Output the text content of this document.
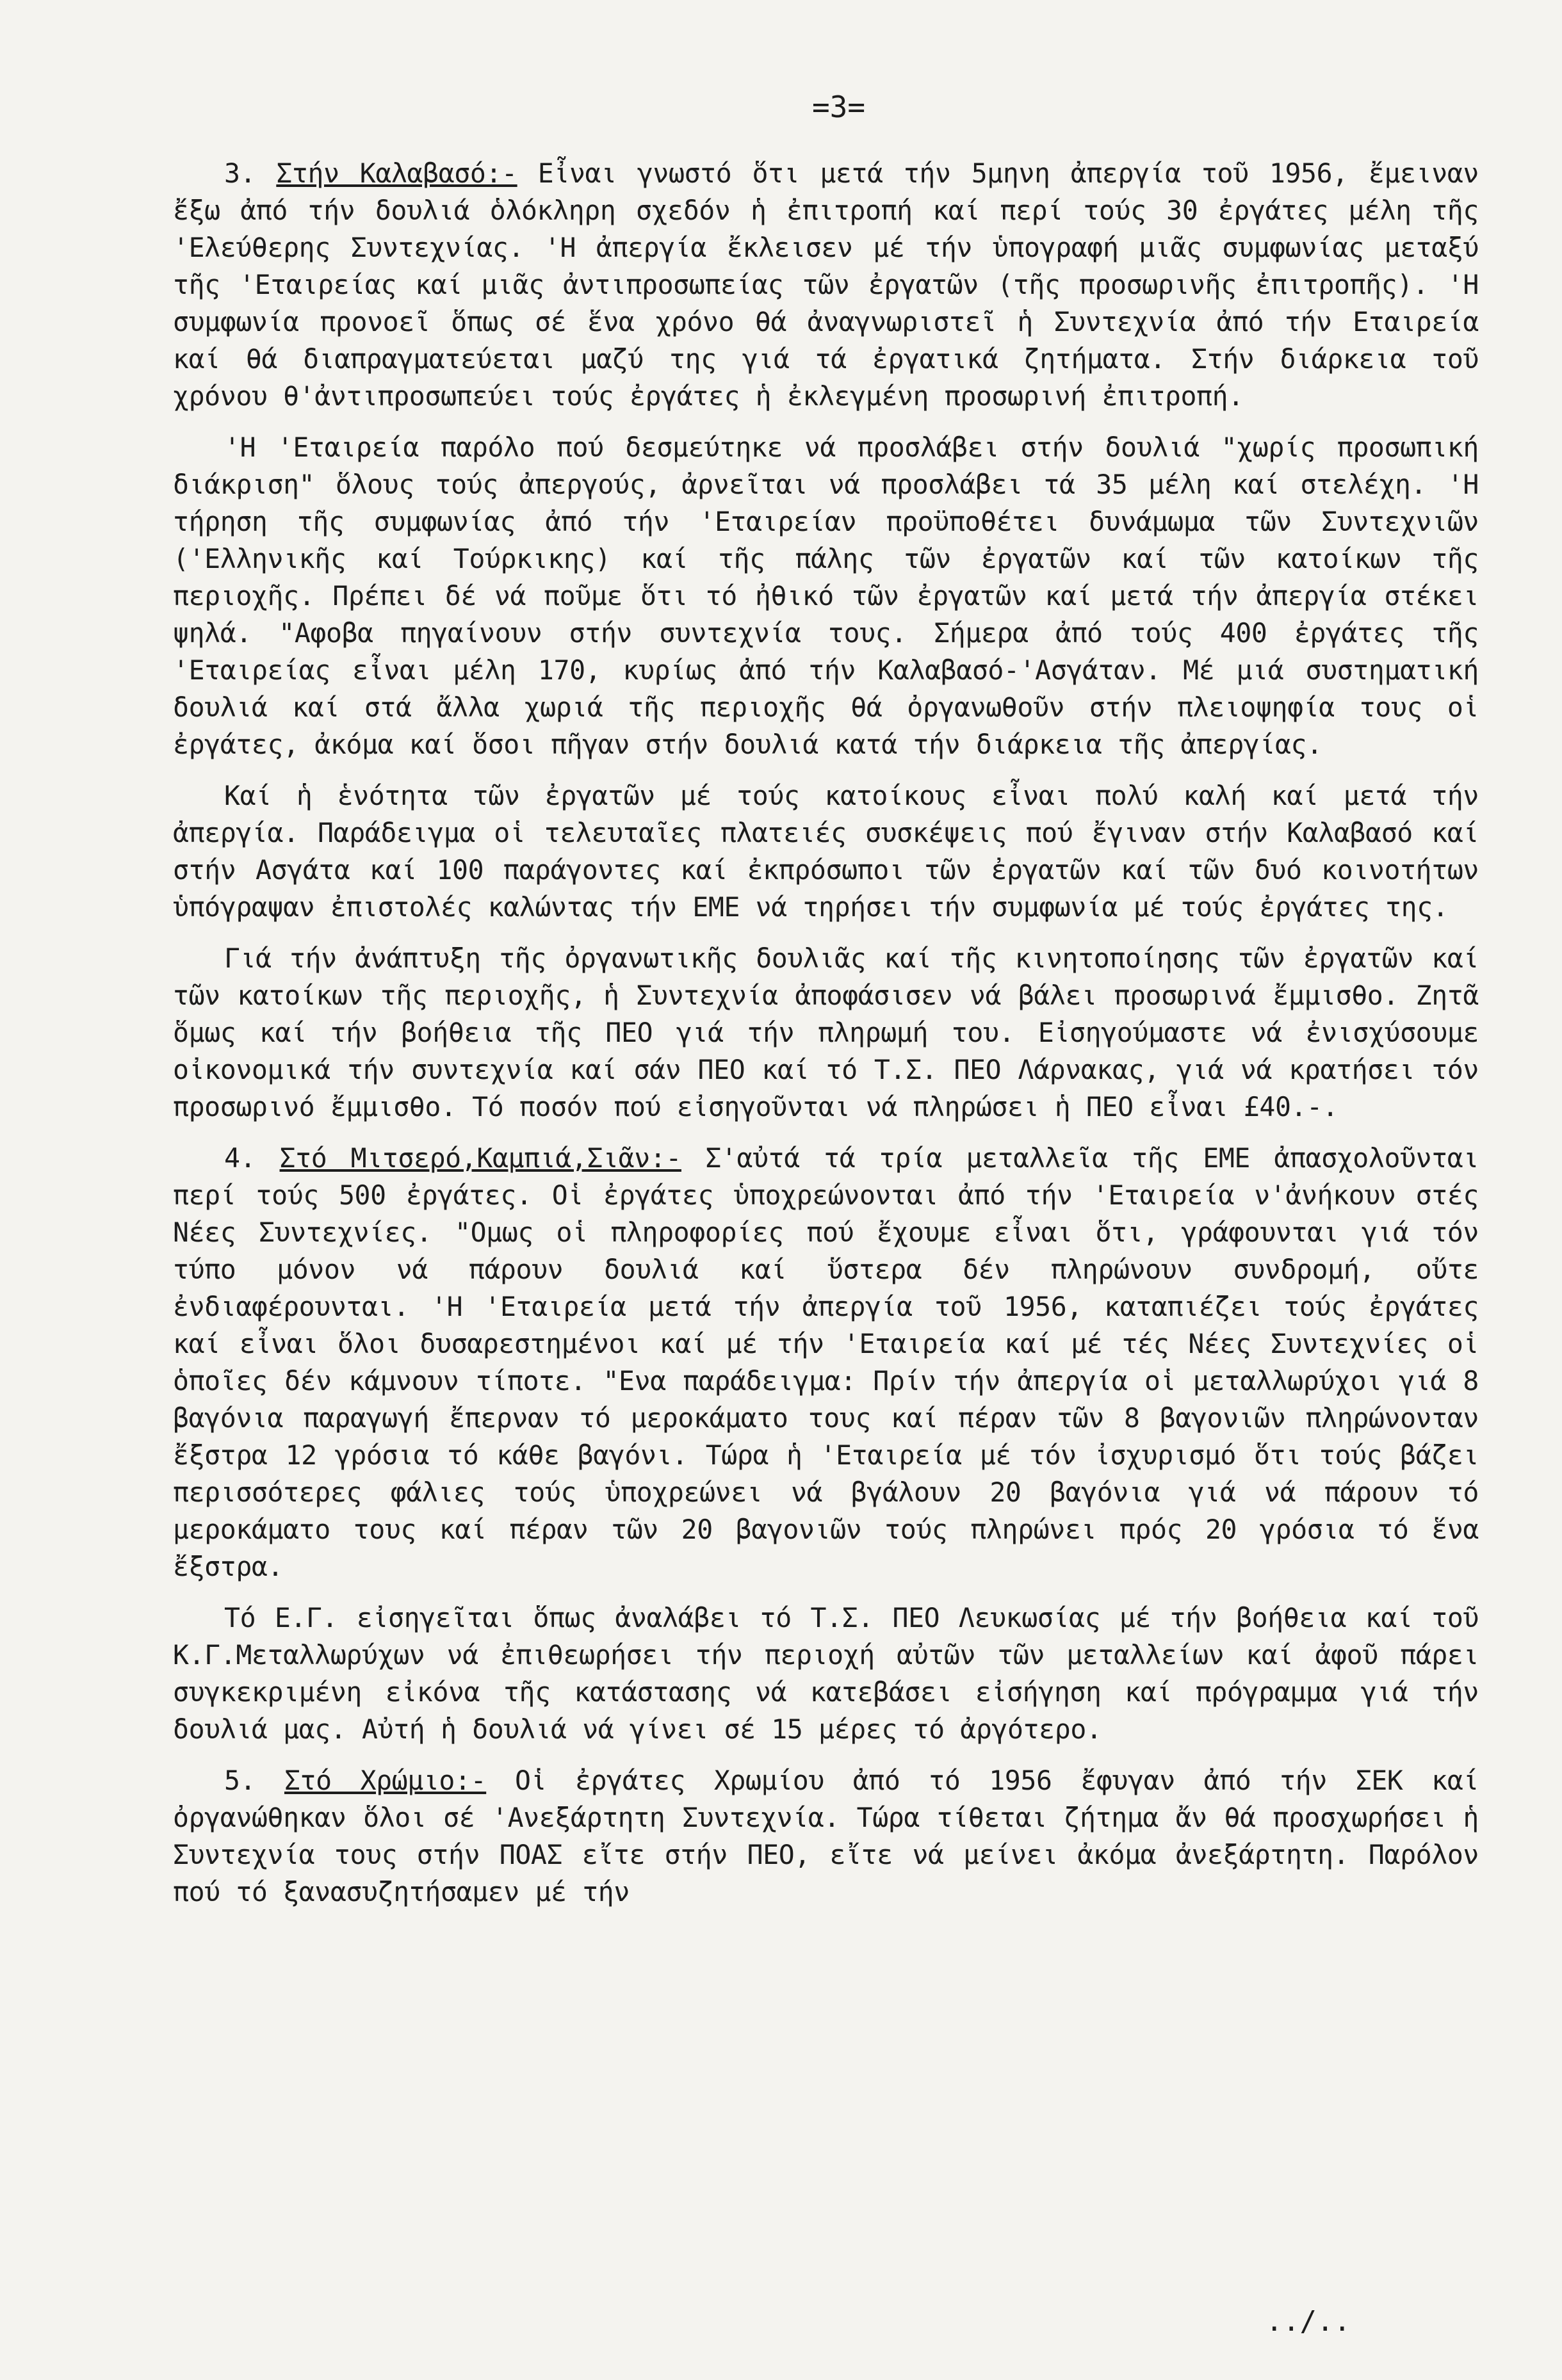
=3=

3. Στήν Καλαβασό:- Εἶναι γνωστό ὅτι μετά τήν 5μηνη ἀπεργία τοῦ 1956, ἔμειναν ἔξω ἀπό τήν δουλιά ὁλόκληρη σχεδόν ἡ ἐπιτροπή καί περί τούς 30 ἐργάτες μέλη τῆς 'Ελεύθερης Συντεχνίας. 'Η ἀπεργία ἔκλεισεν μέ τήν ὑπογραφή μιᾶς συμφωνίας μεταξύ τῆς 'Εταιρείας καί μιᾶς ἀντιπροσωπείας τῶν ἐργατῶν (τῆς προσωρινῆς ἐπιτροπῆς). 'Η συμφωνία προνοεῖ ὅπως σέ ἕνα χρόνο θά ἀναγνωριστεῖ ἡ Συντεχνία ἀπό τήν Εταιρεία καί θά διαπραγματεύεται μαζύ της γιά τά ἐργατικά ζητήματα. Στήν διάρκεια τοῦ χρόνου θ'ἀντιπροσωπεύει τούς ἐργάτες ἡ ἐκλεγμένη προσωρινή ἐπιτροπή.

'Η 'Εταιρεία παρόλο πού δεσμεύτηκε νά προσλάβει στήν δουλιά "χωρίς προσωπική διάκριση" ὅλους τούς ἀπεργούς, ἀρνεῖται νά προσλάβει τά 35 μέλη καί στελέχη. 'Η τήρηση τῆς συμφωνίας ἀπό τήν 'Εταιρείαν προϋποθέτει δυνάμωμα τῶν Συντεχνιῶν ('Ελληνικῆς καί Τούρκικης) καί τῆς πάλης τῶν ἐργατῶν καί τῶν κατοίκων τῆς περιοχῆς. Πρέπει δέ νά ποῦμε ὅτι τό ἠθικό τῶν ἐργατῶν καί μετά τήν ἀπεργία στέκει ψηλά. "Αφοβα πηγαίνουν στήν συντεχνία τους. Σήμερα ἀπό τούς 400 ἐργάτες τῆς 'Εταιρείας εἶναι μέλη 170, κυρίως ἀπό τήν Καλαβασό-'Ασγάταν. Μέ μιά συστηματική δουλιά καί στά ἄλλα χωριά τῆς περιοχῆς θά ὀργανωθοῦν στήν πλειοψηφία τους οἱ ἐργάτες, ἀκόμα καί ὅσοι πῆγαν στήν δουλιά κατά τήν διάρκεια τῆς ἀπεργίας.

Καί ἡ ἑνότητα τῶν ἐργατῶν μέ τούς κατοίκους εἶναι πολύ καλή καί μετά τήν ἀπεργία. Παράδειγμα οἱ τελευταῖες πλατειές συσκέψεις πού ἔγιναν στήν Καλαβασό καί στήν Ασγάτα καί 100 παράγοντες καί ἐκπρόσωποι τῶν ἐργατῶν καί τῶν δυό κοινοτήτων ὑπόγραψαν ἐπιστολές καλώντας τήν ΕΜΕ νά τηρήσει τήν συμφωνία μέ τούς ἐργάτες της.

Γιά τήν ἀνάπτυξη τῆς ὀργανωτικῆς δουλιᾶς καί τῆς κινητοποίησης τῶν ἐργατῶν καί τῶν κατοίκων τῆς περιοχῆς, ἡ Συντεχνία ἀποφάσισεν νά βάλει προσωρινά ἔμμισθο. Ζητᾶ ὅμως καί τήν βοήθεια τῆς ΠΕΟ γιά τήν πληρωμή του. Εἰσηγούμαστε νά ἐνισχύσουμε οἰκονομικά τήν συντεχνία καί σάν ΠΕΟ καί τό Τ.Σ. ΠΕΟ Λάρνακας, γιά νά κρατήσει τόν προσωρινό ἔμμισθο. Τό ποσόν πού εἰσηγοῦνται νά πληρώσει ἡ ΠΕΟ εἶναι £40.-.

4. Στό Μιτσερό,Καμπιά,Σιᾶν:- Σ'αὐτά τά τρία μεταλλεῖα τῆς ΕΜΕ ἀπασχολοῦνται περί τούς 500 ἐργάτες. Οἱ ἐργάτες ὑποχρεώνονται ἀπό τήν 'Εταιρεία ν'ἀνήκουν στές Νέες Συντεχνίες. "Ομως οἱ πληροφορίες πού ἔχουμε εἶναι ὅτι, γράφουνται γιά τόν τύπο μόνον νά πάρουν δουλιά καί ὕστερα δέν πληρώνουν συνδρομή, οὔτε ἐνδιαφέρουνται. 'Η 'Εταιρεία μετά τήν ἀπεργία τοῦ 1956, καταπιέζει τούς ἐργάτες καί εἶναι ὅλοι δυσαρεστημένοι καί μέ τήν 'Εταιρεία καί μέ τές Νέες Συντεχνίες οἱ ὁποῖες δέν κάμνουν τίποτε. "Ενα παράδειγμα: Πρίν τήν ἀπεργία οἱ μεταλλωρύχοι γιά 8 βαγόνια παραγωγή ἔπερναν τό μεροκάματο τους καί πέραν τῶν 8 βαγονιῶν πληρώνονταν ἔξστρα 12 γρόσια τό κάθε βαγόνι. Τώρα ἡ 'Εταιρεία μέ τόν ἰσχυρισμό ὅτι τούς βάζει περισσότερες φάλιες τούς ὑποχρεώνει νά βγάλουν 20 βαγόνια γιά νά πάρουν τό μεροκάματο τους καί πέραν τῶν 20 βαγονιῶν τούς πληρώνει πρός 20 γρόσια τό ἕνα ἔξστρα.

Τό Ε.Γ. εἰσηγεῖται ὅπως ἀναλάβει τό Τ.Σ. ΠΕΟ Λευκωσίας μέ τήν βοήθεια καί τοῦ Κ.Γ.Μεταλλωρύχων νά ἐπιθεωρήσει τήν περιοχή αὐτῶν τῶν μεταλλείων καί ἀφοῦ πάρει συγκεκριμένη εἰκόνα τῆς κατάστασης νά κατεβάσει εἰσήγηση καί πρόγραμμα γιά τήν δουλιά μας. Αὐτή ἡ δουλιά νά γίνει σέ 15 μέρες τό ἀργότερο.

5. Στό Χρώμιο:- Οἱ ἐργάτες Χρωμίου ἀπό τό 1956 ἔφυγαν ἀπό τήν ΣΕΚ καί ὀργανώθηκαν ὅλοι σέ 'Ανεξάρτητη Συντεχνία. Τώρα τίθεται ζήτημα ἄν θά προσχωρήσει ἡ Συντεχνία τους στήν ΠΟΑΣ εἴτε στήν ΠΕΟ, εἴτε νά μείνει ἀκόμα ἀνεξάρτητη. Παρόλον πού τό ξανασυζητήσαμεν μέ τήν

../..
